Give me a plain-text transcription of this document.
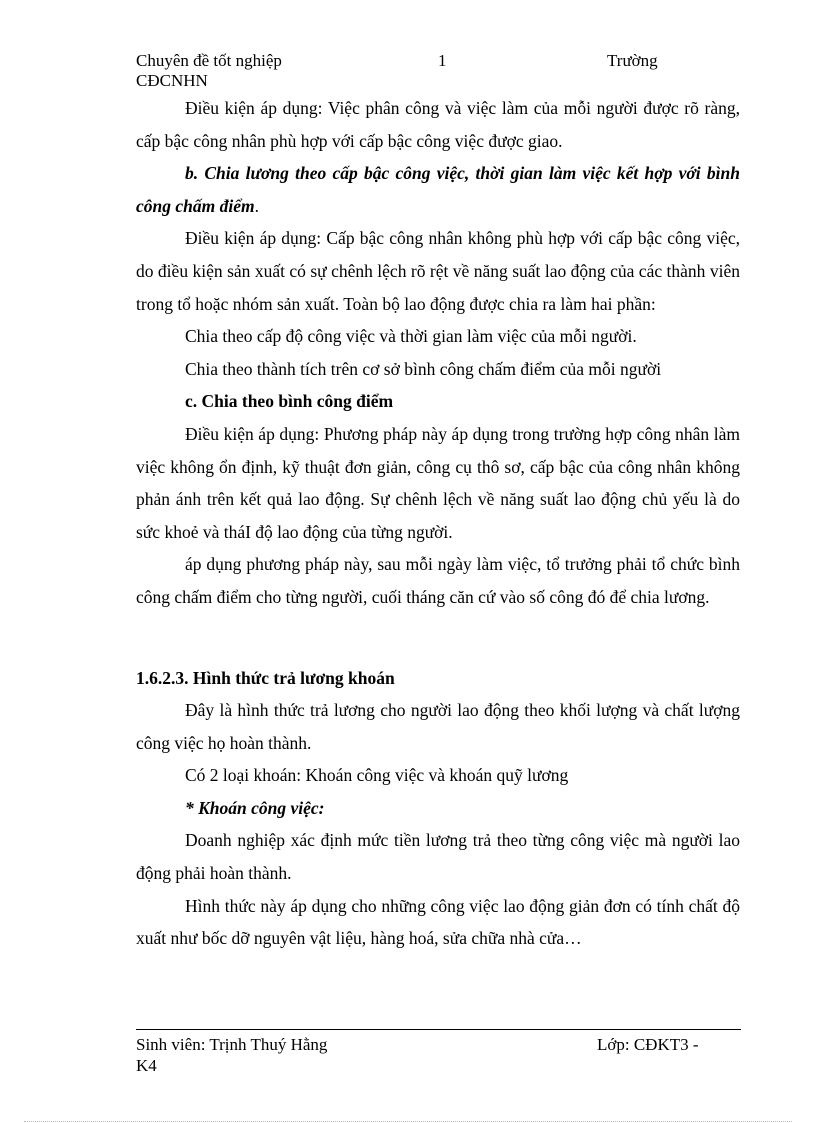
Chuyên đề tốt nghiệp	1	Trường
CĐCNHN

Điều kiện áp dụng: Việc phân công và việc làm của mỗi người được rõ ràng, cấp bậc công nhân phù hợp với cấp bậc công việc được giao.

b. Chia lương theo cấp bậc công việc, thời gian làm việc kết hợp với bình công chấm điểm.

Điều kiện áp dụng: Cấp bậc công nhân không phù hợp với cấp bậc công việc, do điều kiện sản xuất có sự chênh lệch rõ rệt về năng suất lao động của các thành viên trong tổ hoặc nhóm sản xuất. Toàn bộ lao động được chia ra làm hai phần:

Chia theo cấp độ công việc và thời gian làm việc của mỗi người.

Chia theo thành tích trên cơ sở bình công chấm điểm của mỗi người

c. Chia theo bình công điểm

Điều kiện áp dụng: Phương pháp này áp dụng trong trường hợp công nhân làm việc không ổn định, kỹ thuật đơn giản, công cụ thô sơ, cấp bậc của công nhân không phản ánh trên kết quả lao động. Sự chênh lệch về năng suất lao động chủ yếu là do sức khoẻ và tháI độ lao động của từng người.

áp dụng phương pháp này, sau mỗi ngày làm việc, tổ trưởng phải tổ chức bình công chấm điểm cho từng người, cuối tháng căn cứ vào số công đó để chia lương.

1.6.2.3. Hình thức trả lương khoán

Đây là hình thức trả lương cho người lao động theo khối lượng và chất lượng công việc họ hoàn thành.

Có 2 loại khoán: Khoán công việc và khoán quỹ lương

* Khoán công việc:

Doanh nghiệp xác định mức tiền lương trả theo từng công việc mà người lao động phải hoàn thành.

Hình thức này áp dụng cho những công việc lao động giản đơn có tính chất độ xuất như bốc dỡ nguyên vật liệu, hàng hoá, sửa chữa nhà cửa…

Sinh viên: Trịnh Thuý Hằng	Lớp: CĐKT3 -
K4
